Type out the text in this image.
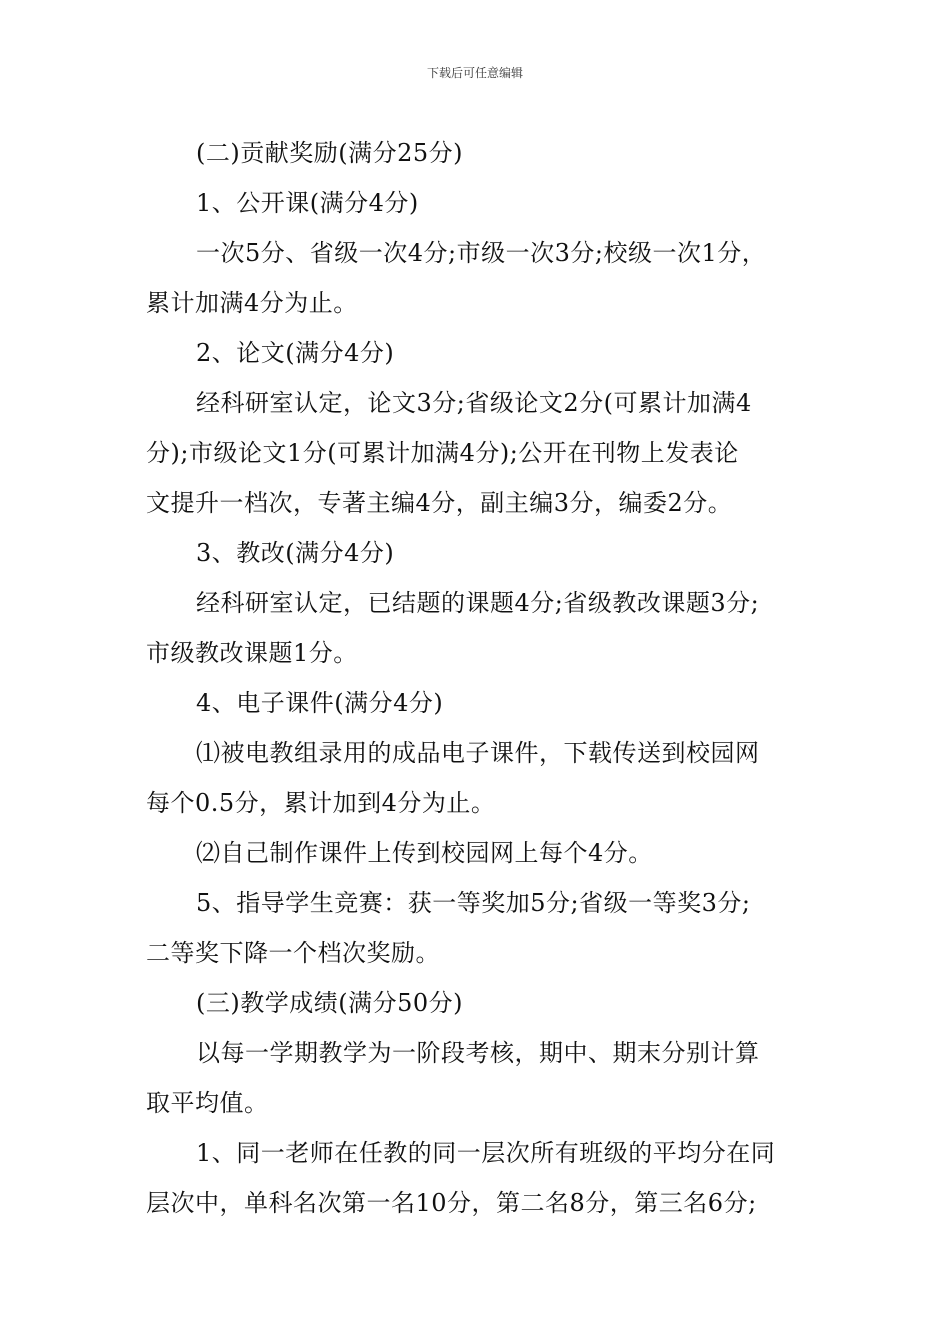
下载后可任意编辑
(二)贡献奖励(满分25分)
1、公开课(满分4分)
一次5分、省级一次4分;市级一次3分;校级一次1分，
累计加满4分为止。
2、论文(满分4分)
经科研室认定，论文3分;省级论文2分(可累计加满4
分);市级论文1分(可累计加满4分);公开在刊物上发表论
文提升一档次，专著主编4分，副主编3分，编委2分。
3、教改(满分4分)
经科研室认定，已结题的课题4分;省级教改课题3分;
市级教改课题1分。
4、电子课件(满分4分)
⑴被电教组录用的成品电子课件，下载传送到校园网
每个0.5分，累计加到4分为止。
⑵自己制作课件上传到校园网上每个4分。
5、指导学生竞赛：获一等奖加5分;省级一等奖3分;
二等奖下降一个档次奖励。
(三)教学成绩(满分50分)
以每一学期教学为一阶段考核，期中、期末分别计算
取平均值。
1、同一老师在任教的同一层次所有班级的平均分在同
层次中，单科名次第一名10分，第二名8分，第三名6分;
